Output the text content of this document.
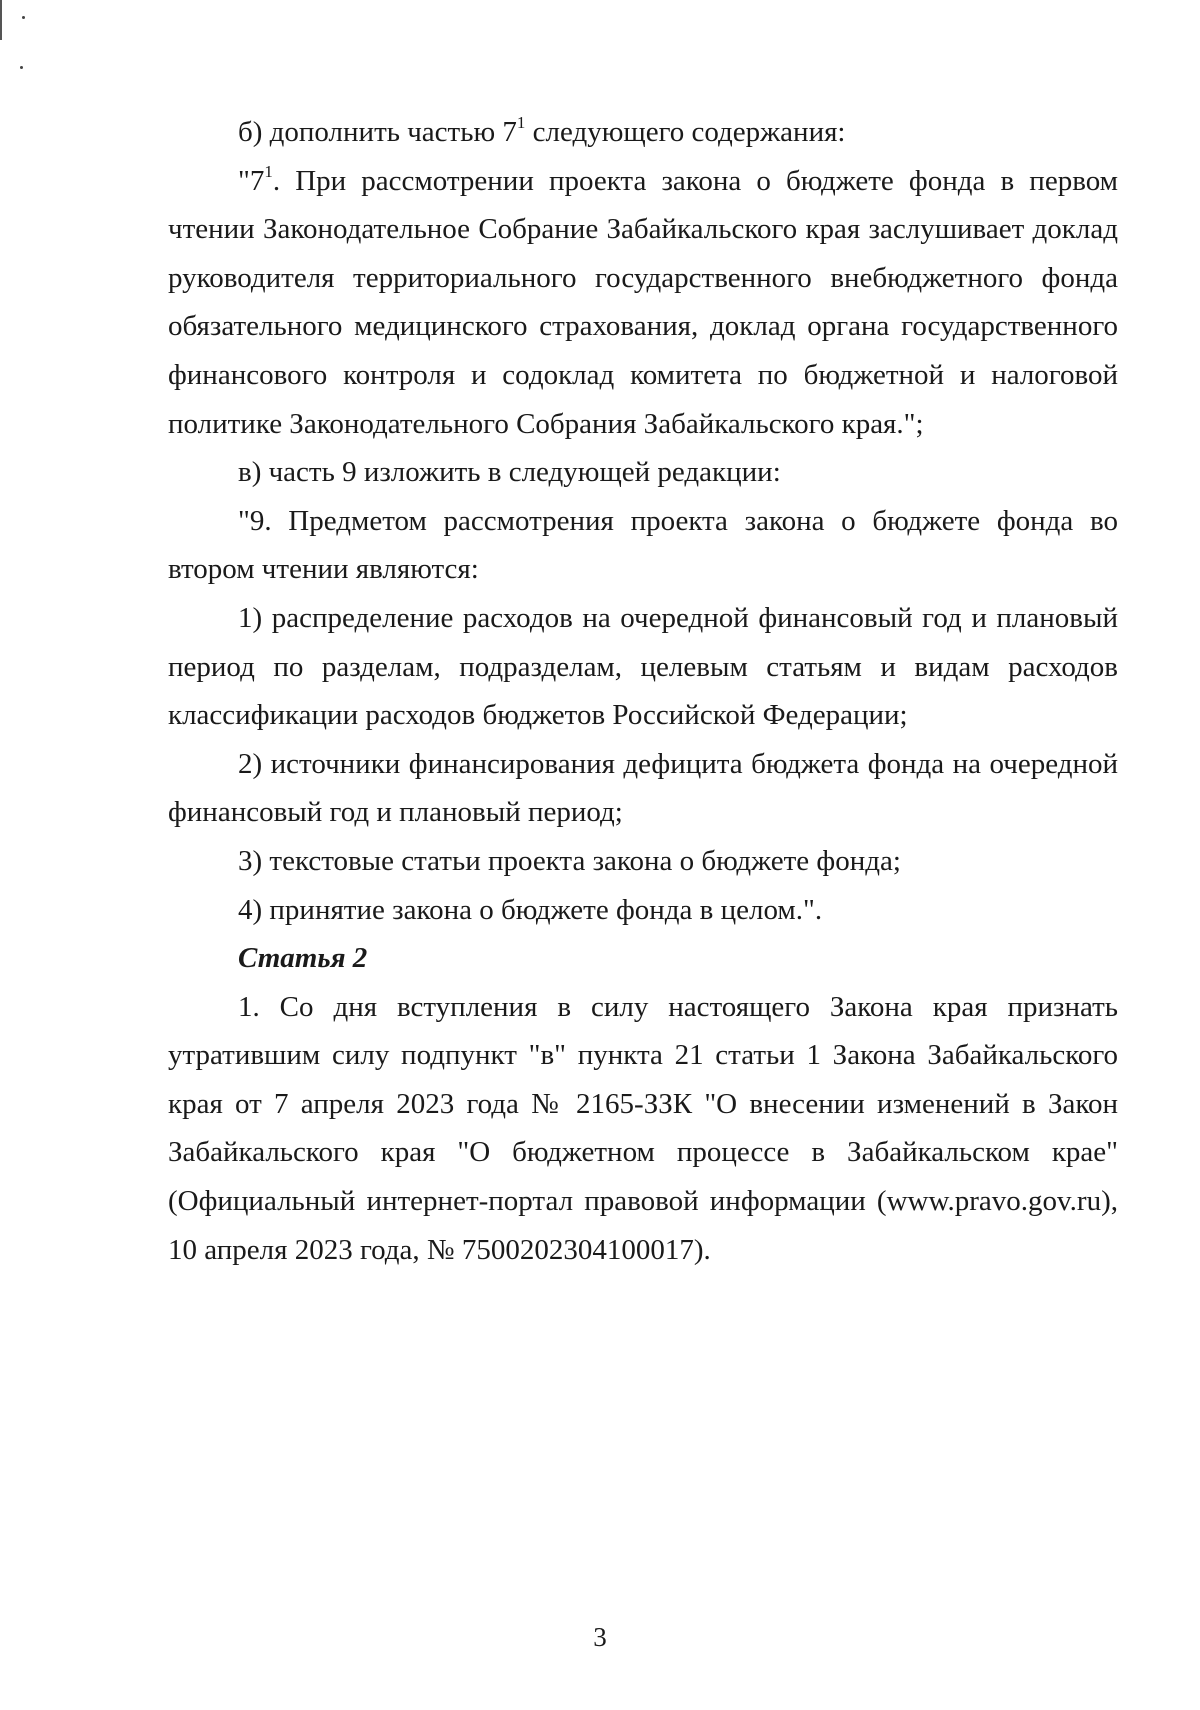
б) дополнить частью $7^1$ следующего содержания:

"$7^1$. При рассмотрении проекта закона о бюджете фонда в первом чтении Законодательное Собрание Забайкальского края заслушивает доклад руководителя территориального государственного внебюджетного фонда обязательного медицинского страхования, доклад органа государственного финансового контроля и содоклад комитета по бюджетной и налоговой политике Законодательного Собрания Забайкальского края.";

в) часть 9 изложить в следующей редакции:

"9. Предметом рассмотрения проекта закона о бюджете фонда во втором чтении являются:

1) распределение расходов на очередной финансовый год и плановый период по разделам, подразделам, целевым статьям и видам расходов классификации расходов бюджетов Российской Федерации;

2) источники финансирования дефицита бюджета фонда на очередной финансовый год и плановый период;

3) текстовые статьи проекта закона о бюджете фонда;

4) принятие закона о бюджете фонда в целом.".

Статья 2

1. Со дня вступления в силу настоящего Закона края признать утратившим силу подпункт "в" пункта 21 статьи 1 Закона Забайкальского края от 7 апреля 2023 года № 2165-ЗЗК "О внесении изменений в Закон Забайкальского края "О бюджетном процессе в Забайкальском крае" (Официальный интернет-портал правовой информации (www.pravo.gov.ru), 10 апреля 2023 года, № 7500202304100017).

3
